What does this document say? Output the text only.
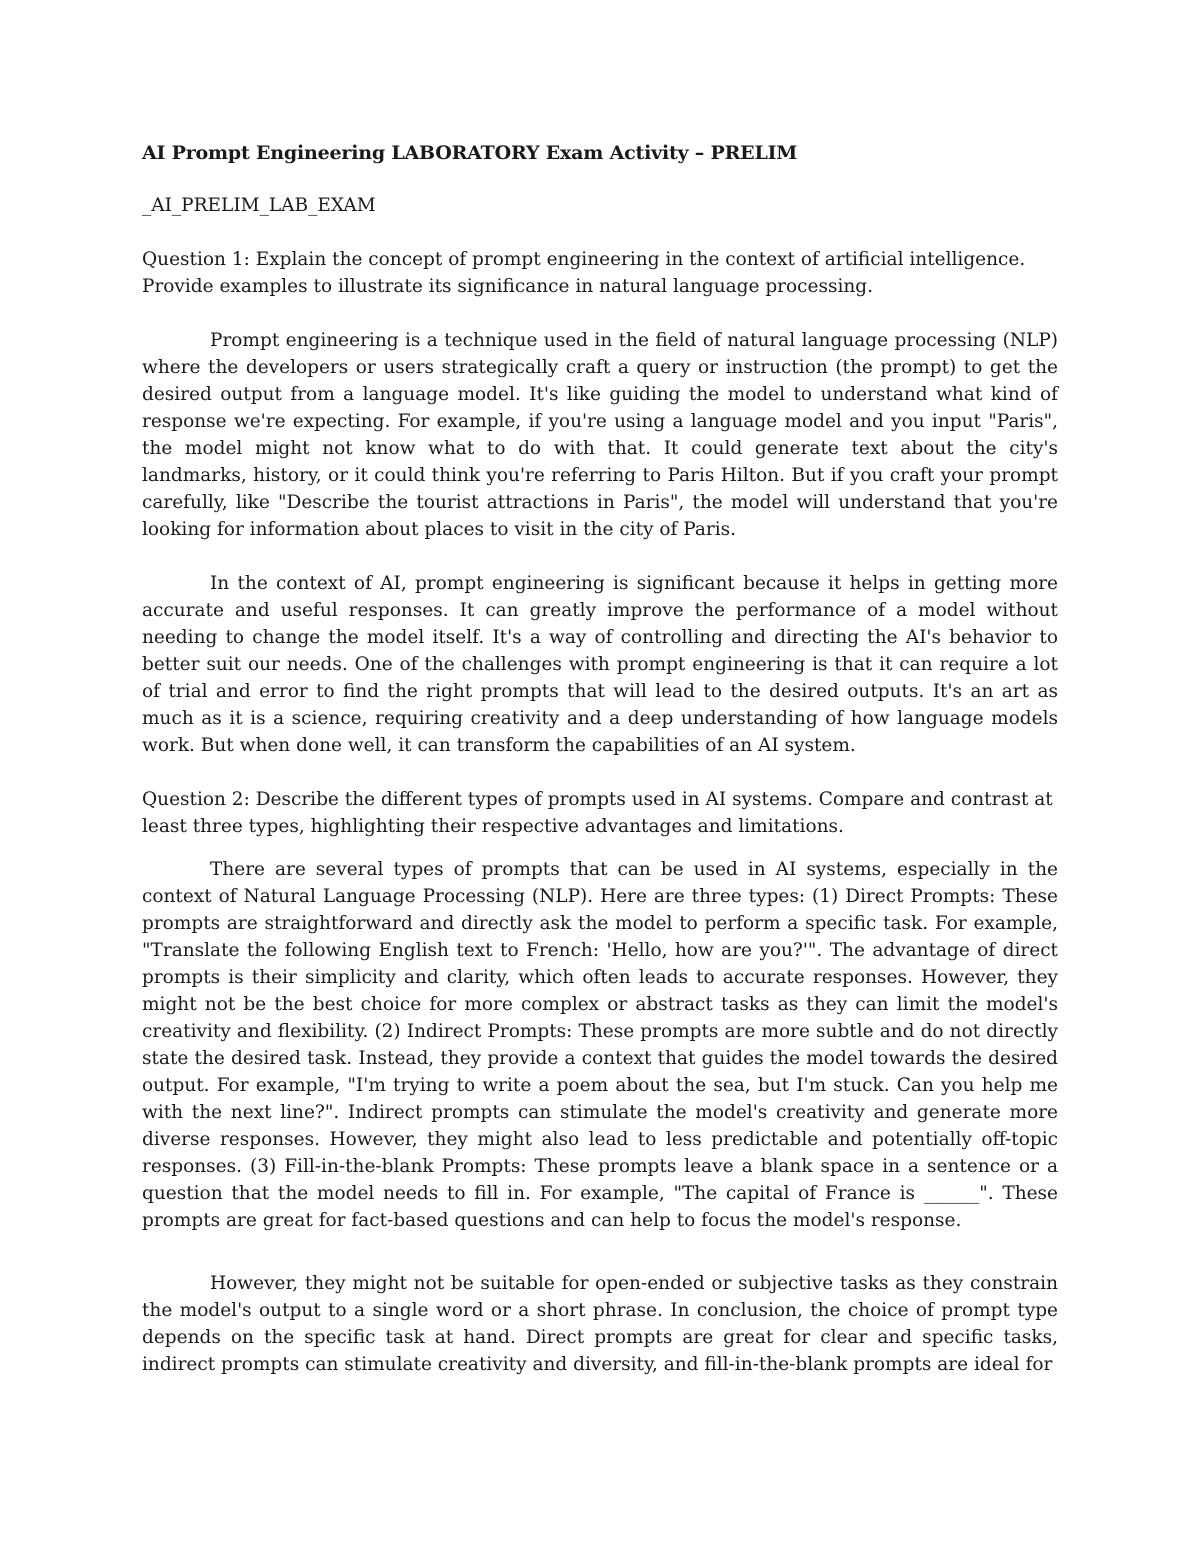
AI Prompt Engineering LABORATORY Exam Activity – PRELIM

_AI_PRELIM_LAB_EXAM

Question 1: Explain the concept of prompt engineering in the context of artificial intelligence. Provide examples to illustrate its significance in natural language processing.

Prompt engineering is a technique used in the field of natural language processing (NLP) where the developers or users strategically craft a query or instruction (the prompt) to get the desired output from a language model. It's like guiding the model to understand what kind of response we're expecting. For example, if you're using a language model and you input "Paris", the model might not know what to do with that. It could generate text about the city's landmarks, history, or it could think you're referring to Paris Hilton. But if you craft your prompt carefully, like "Describe the tourist attractions in Paris", the model will understand that you're looking for information about places to visit in the city of Paris.

In the context of AI, prompt engineering is significant because it helps in getting more accurate and useful responses. It can greatly improve the performance of a model without needing to change the model itself. It's a way of controlling and directing the AI's behavior to better suit our needs. One of the challenges with prompt engineering is that it can require a lot of trial and error to find the right prompts that will lead to the desired outputs. It's an art as much as it is a science, requiring creativity and a deep understanding of how language models work. But when done well, it can transform the capabilities of an AI system.

Question 2: Describe the different types of prompts used in AI systems. Compare and contrast at least three types, highlighting their respective advantages and limitations.

There are several types of prompts that can be used in AI systems, especially in the context of Natural Language Processing (NLP). Here are three types: (1) Direct Prompts: These prompts are straightforward and directly ask the model to perform a specific task. For example, "Translate the following English text to French: 'Hello, how are you?'". The advantage of direct prompts is their simplicity and clarity, which often leads to accurate responses. However, they might not be the best choice for more complex or abstract tasks as they can limit the model's creativity and flexibility. (2) Indirect Prompts: These prompts are more subtle and do not directly state the desired task. Instead, they provide a context that guides the model towards the desired output. For example, "I'm trying to write a poem about the sea, but I'm stuck. Can you help me with the next line?". Indirect prompts can stimulate the model's creativity and generate more diverse responses. However, they might also lead to less predictable and potentially off-topic responses. (3) Fill-in-the-blank Prompts: These prompts leave a blank space in a sentence or a question that the model needs to fill in. For example, "The capital of France is ______". These prompts are great for fact-based questions and can help to focus the model's response.

However, they might not be suitable for open-ended or subjective tasks as they constrain the model's output to a single word or a short phrase. In conclusion, the choice of prompt type depends on the specific task at hand. Direct prompts are great for clear and specific tasks, indirect prompts can stimulate creativity and diversity, and fill-in-the-blank prompts are ideal for
